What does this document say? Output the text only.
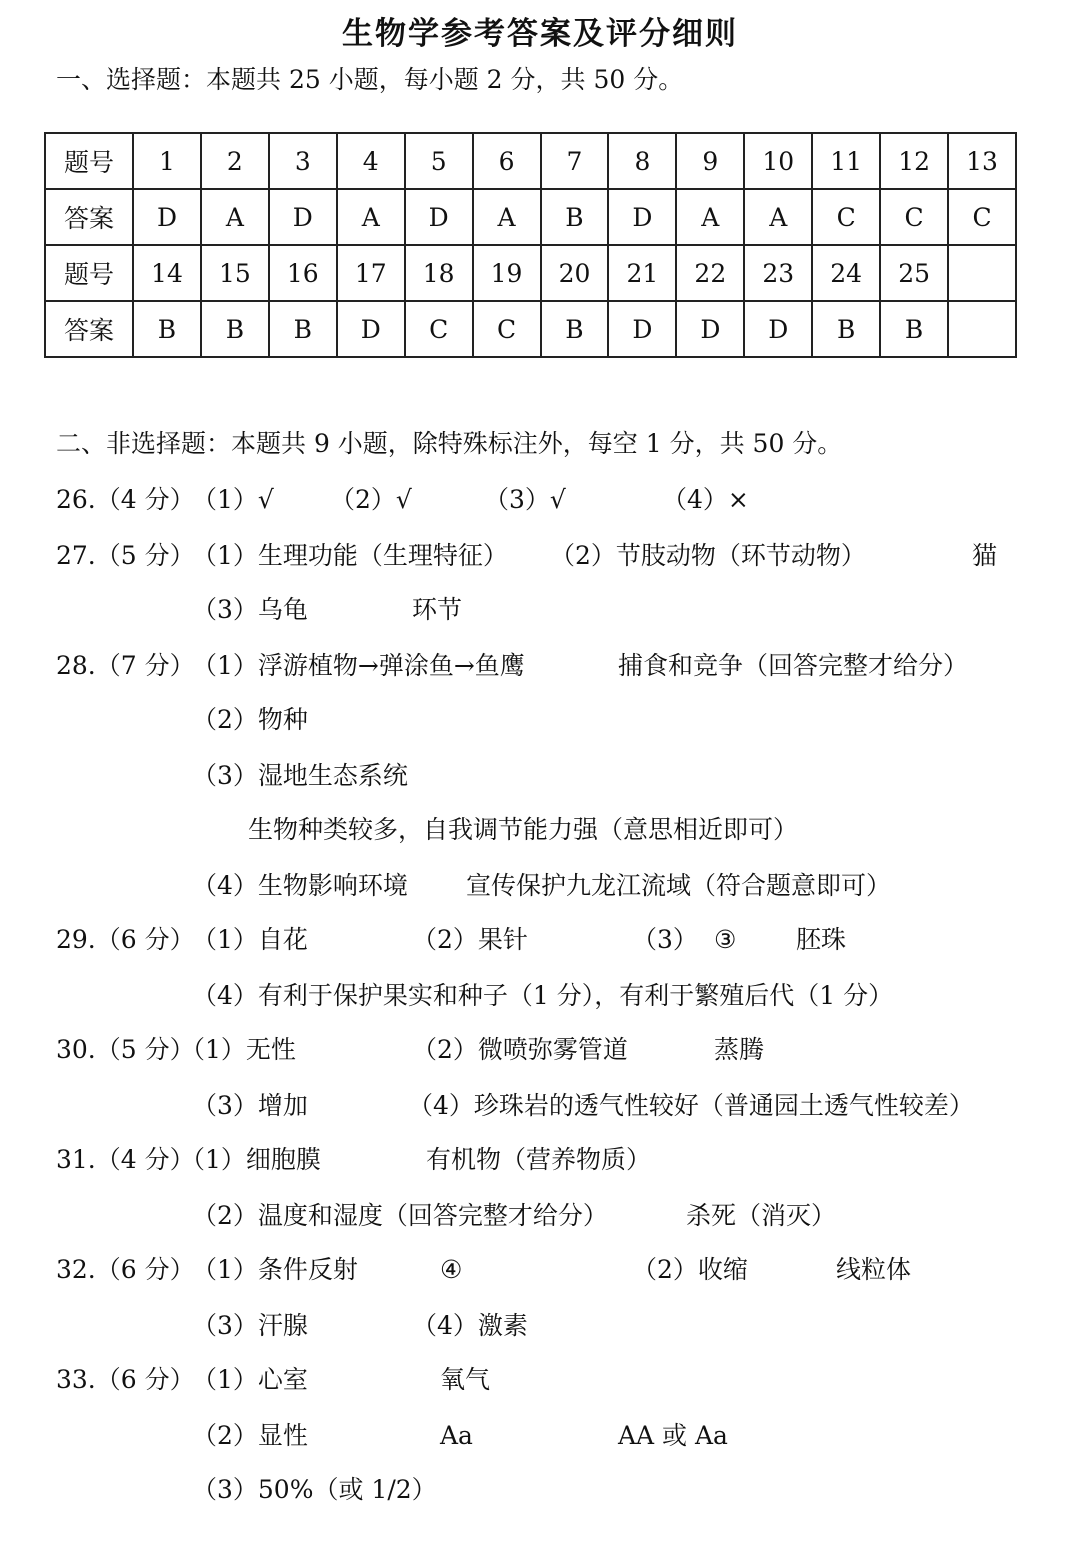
生物学参考答案及评分细则
一、选择题：本题共 25 小题，每小题 2 分，共 50 分。
题号	1	2	3	4	5	6	7	8	9	10	11	12	13
答案	D	A	D	A	D	A	B	D	A	A	C	C	C
题号	14	15	16	17	18	19	20	21	22	23	24	25	
答案	B	B	B	D	C	C	B	D	D	D	B	B	
二、非选择题：本题共 9 小题，除特殊标注外，每空 1 分，共 50 分。
26.（4 分）
（1）√ （2）√	（3）√	（4）×
27.（5 分）
（1）生理功能（生理特征） （2）节肢动物（环节动物）	猫
（3）乌龟	环节
28.（7 分）
（1）浮游植物→弹涂鱼→鱼鹰	捕食和竞争（回答完整才给分）
（2）物种
（3）湿地生态系统
生物种类较多，自我调节能力强（意思相近即可）
（4）生物影响环境 宣传保护九龙江流域（符合题意即可）
29.（6 分）
（1）自花	（2）果针	（3） ③ 胚珠
（4）有利于保护果实和种子（1 分），有利于繁殖后代（1 分）
30.（5 分）
（1）无性	（2）微喷弥雾管道	蒸腾
（3）增加	（4）珍珠岩的透气性较好（普通园土透气性较差）
31.（4 分）
（1）细胞膜	有机物（营养物质）
（2）温度和湿度（回答完整才给分）	杀死（消灭）
32.（6 分）
（1）条件反射	④	（2）收缩	线粒体
（3）汗腺	（4）激素
33.（6 分）
（1）心室	氧气
（2）显性	Aa	AA 或 Aa
（3）50%（或 1/2）
